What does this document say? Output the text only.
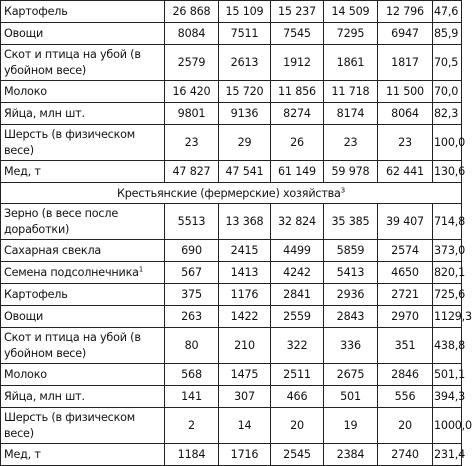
Картофель	26 868	15 109	15 237	14 509	12 796	47,6
Овощи	8084	7511	7545	7295	6947	85,9
Скот и птица на убой (в убойном весе)	2579	2613	1912	1861	1817	70,5
Молоко	16 420	15 720	11 856	11 718	11 500	70,0
Яйца, млн шт.	9801	9136	8274	8174	8064	82,3
Шерсть (в физическом весе)	23	29	26	23	23	100,0
Мед, т	47 827	47 541	61 149	59 978	62 441	130,6
Крестьянские (фермерские) хозяйства$^3$
Зерно (в весе после доработки)	5513	13 368	32 824	35 385	39 407	714,8
Сахарная свекла	690	2415	4499	5859	2574	373,0
Семена подсолнечника$^1$	567	1413	4242	5413	4650	820,1
Картофель	375	1176	2841	2936	2721	725,6
Овощи	263	1422	2559	2843	2970	1129,3
Скот и птица на убой (в убойном весе)	80	210	322	336	351	438,8
Молоко	568	1475	2511	2675	2846	501,1
Яйца, млн шт.	141	307	466	501	556	394,3
Шерсть (в физическом весе)	2	14	20	19	20	1000,0
Мед, т	1184	1716	2545	2384	2740	231,4
